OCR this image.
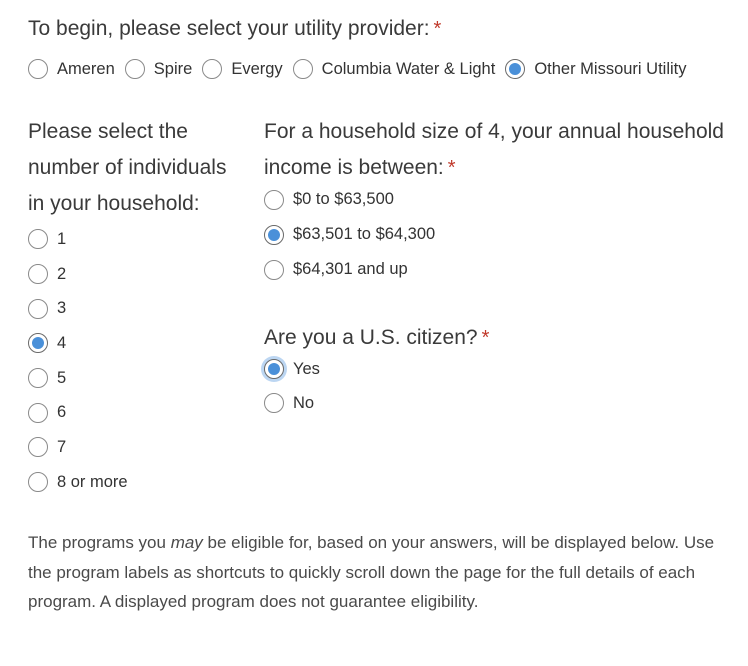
To begin, please select your utility provider: *
Ameren Spire Evergy Columbia Water & Light Other Missouri Utility
Please select the number of individuals in your household:
1
2
3
4
5
6
7
8 or more
For a household size of 4, your annual household income is between: *
$0 to $63,500
$63,501 to $64,300
$64,301 and up
Are you a U.S. citizen? *
Yes
No

The programs you may be eligible for, based on your answers, will be displayed below. Use the program labels as shortcuts to quickly scroll down the page for the full details of each program. A displayed program does not guarantee eligibility.
